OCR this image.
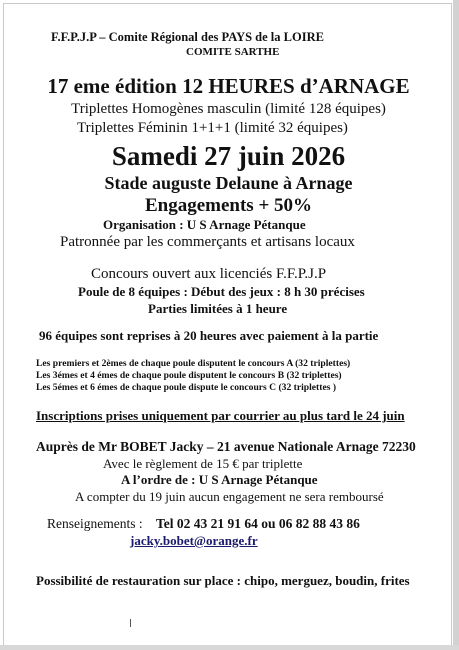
F.F.P.J.P – Comite Régional des PAYS de la LOIRE
COMITE SARTHE
17 eme édition 12 HEURES d’ARNAGE
Triplettes Homogènes masculin (limité 128 équipes)
Triplettes Féminin 1+1+1 (limité 32 équipes)
Samedi 27 juin 2026
Stade auguste Delaune à Arnage
Engagements + 50%
Organisation : U S Arnage Pétanque
Patronnée par les commerçants et artisans locaux
Concours ouvert aux licenciés F.F.P.J.P
Poule de 8 équipes : Début des jeux : 8 h 30 précises
Parties limitées à 1 heure
96 équipes sont reprises à 20 heures avec paiement à la partie
Les premiers et 2èmes de chaque poule disputent le concours A (32 triplettes)
Les 3émes et 4 émes de chaque poule disputent le concours B (32 triplettes)
Les 5émes et 6 émes de chaque poule dispute le concours C (32 triplettes )
Inscriptions prises uniquement par courrier au plus tard le 24 juin
Auprès de Mr BOBET Jacky – 21 avenue Nationale Arnage 72230
Avec le règlement de 15 € par triplette
A l’ordre de : U S Arnage Pétanque
A compter du 19 juin aucun engagement ne sera remboursé
Renseignements : Tel 02 43 21 91 64 ou 06 82 88 43 86
jacky.bobet@orange.fr
Possibilité de restauration sur place : chipo, merguez, boudin, frites
